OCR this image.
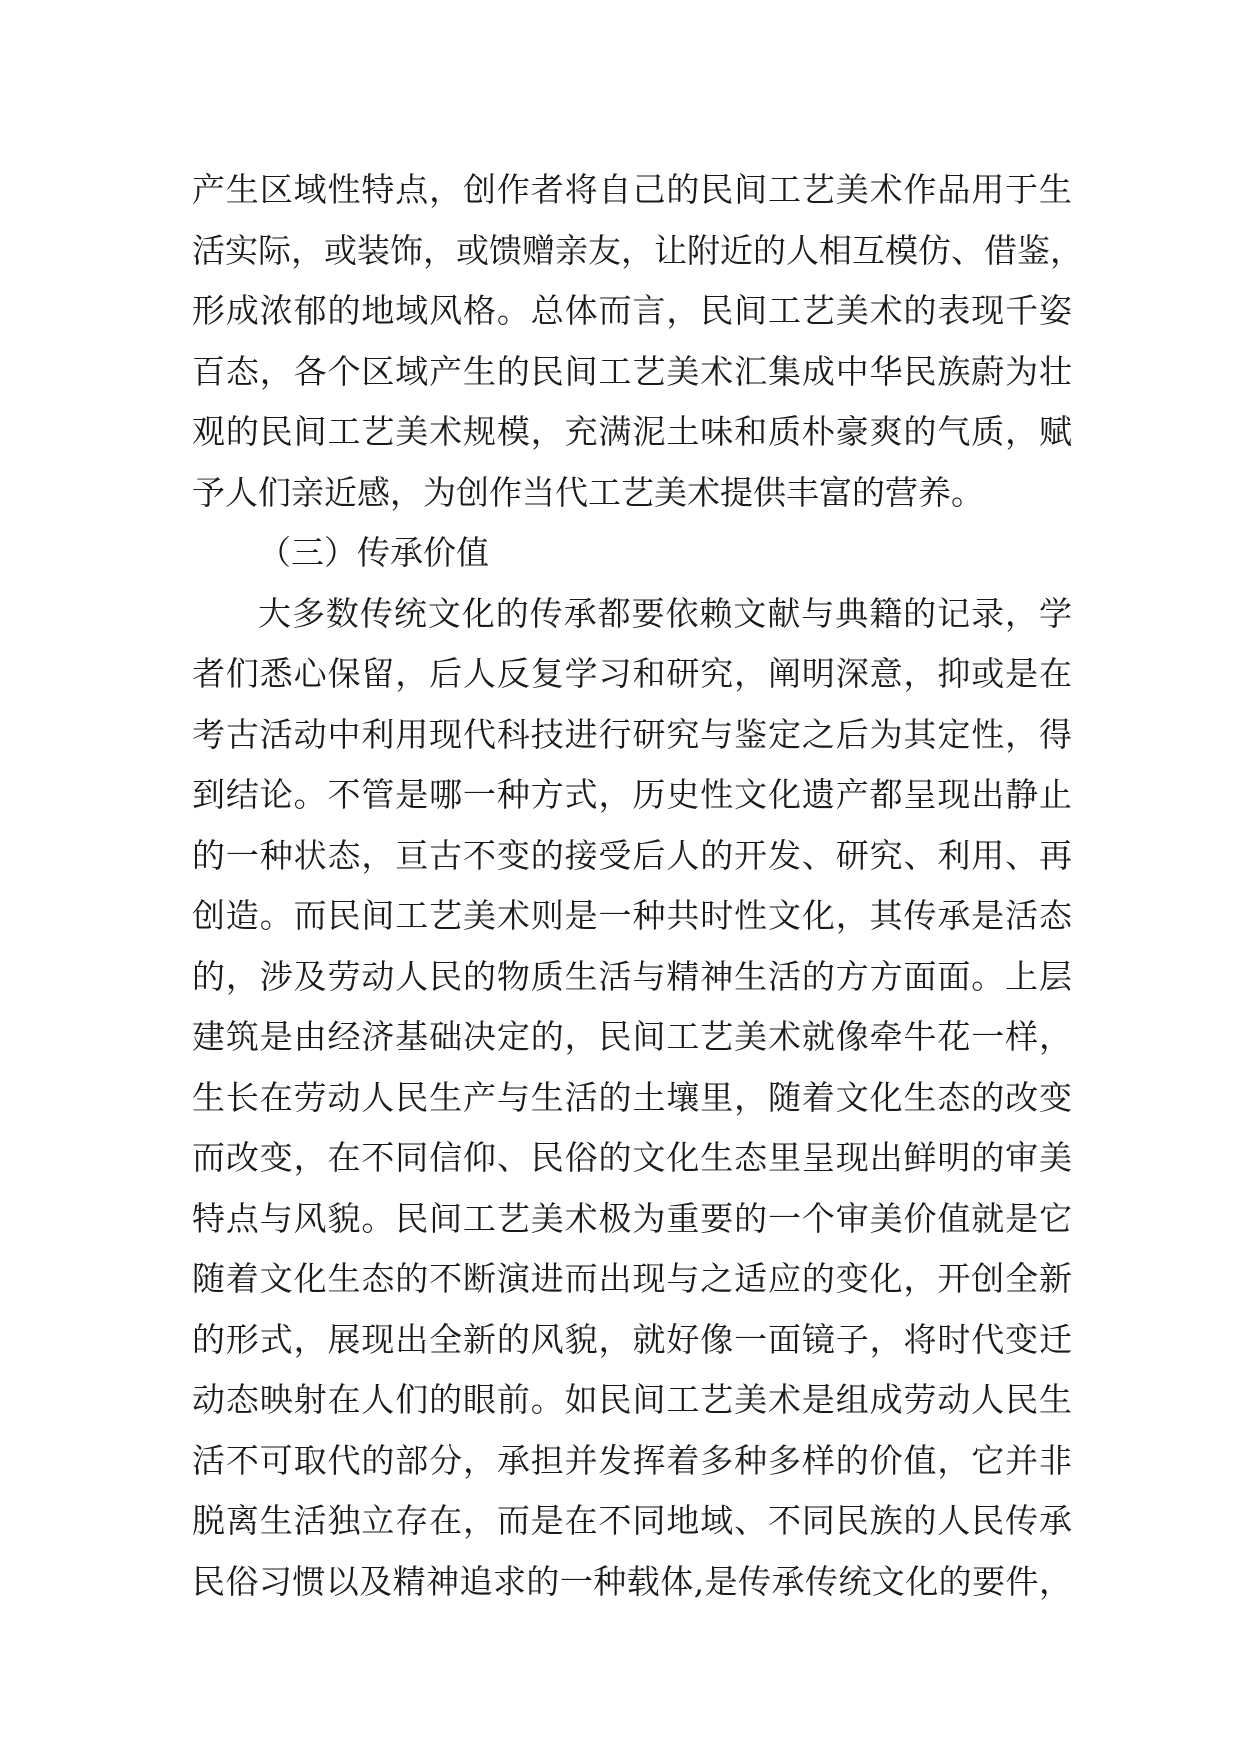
产生区域性特点，创作者将自己的民间工艺美术作品用于生
活实际，或装饰，或馈赠亲友，让附近的人相互模仿、借鉴，
形成浓郁的地域风格。总体而言，民间工艺美术的表现千姿
百态，各个区域产生的民间工艺美术汇集成中华民族蔚为壮
观的民间工艺美术规模，充满泥土味和质朴豪爽的气质，赋
予人们亲近感，为创作当代工艺美术提供丰富的营养。
（三）传承价值
大多数传统文化的传承都要依赖文献与典籍的记录，学
者们悉心保留，后人反复学习和研究，阐明深意，抑或是在
考古活动中利用现代科技进行研究与鉴定之后为其定性，得
到结论。不管是哪一种方式，历史性文化遗产都呈现出静止
的一种状态，亘古不变的接受后人的开发、研究、利用、再
创造。而民间工艺美术则是一种共时性文化，其传承是活态
的，涉及劳动人民的物质生活与精神生活的方方面面。上层
建筑是由经济基础决定的，民间工艺美术就像牵牛花一样，
生长在劳动人民生产与生活的土壤里，随着文化生态的改变
而改变，在不同信仰、民俗的文化生态里呈现出鲜明的审美
特点与风貌。民间工艺美术极为重要的一个审美价值就是它
随着文化生态的不断演进而出现与之适应的变化，开创全新
的形式，展现出全新的风貌，就好像一面镜子，将时代变迁
动态映射在人们的眼前。如民间工艺美术是组成劳动人民生
活不可取代的部分，承担并发挥着多种多样的价值，它并非
脱离生活独立存在，而是在不同地域、不同民族的人民传承
民俗习惯以及精神追求的一种载体,是传承传统文化的要件，
